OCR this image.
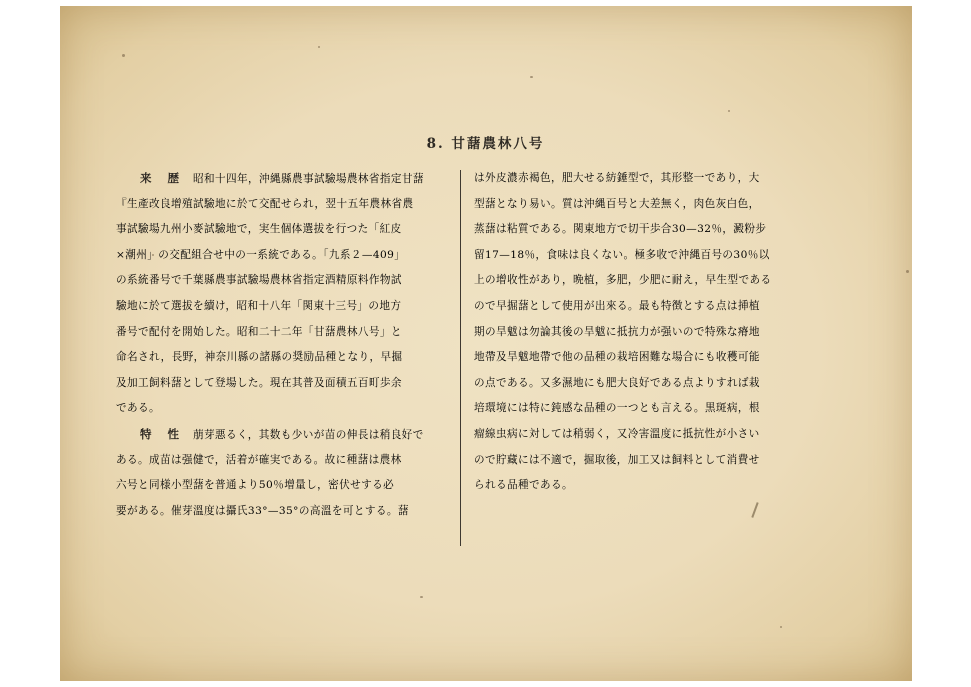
8. 甘藷農林八号
来 歴 昭和十四年，沖縄縣農事試驗場農林省指定甘藷
『生產改良增殖試驗地に於て交配せられ，翌十五年農林省農
事試驗場九州小麥試驗地で，実生個体選拔を行つた「紅皮
×潮州」の交配組合せ中の一系統である。「九系２—409」
の系統番号で千葉縣農事試驗場農林省指定酒精原料作物試
驗地に於て選拔を續け，昭和十八年「関東十三号」の地方
番号で配付を開始した。昭和二十二年「甘藷農林八号」と
命名され，長野，神奈川縣の諸縣の奨励品種となり，早掘
及加工飼料藷として登場した。現在其普及面積五百町歩余
である。
特 性 萠芽悪るく，其数も少いが苗の伸長は稍良好で
ある。成苗は强健で，活着が確実である。故に種藷は農林
六号と同様小型藷を普通より50％增量し，密伏せする必
要がある。催芽溫度は攝氏33°—35°の高溫を可とする。藷
は外皮濃赤褐色，肥大せる紡錘型で，其形整一であり，大
型藷となり易い。質は沖縄百号と大差無く，肉色灰白色，
蒸藷は粘質である。関東地方で切干歩合30—32％，澱粉步
留17—18％，食味は良くない。極多收で沖縄百号の30％以
上の增收性があり，晩植，多肥，少肥に耐え，早生型である
ので早掘藷として使用が出來る。最も特徴とする点は挿植
期の旱魃は勿論其後の旱魃に抵抗力が强いので特殊な瘠地
地帶及旱魃地帶で他の品種の栽培困難な場合にも收穫可能
の点である。又多濕地にも肥大良好である点よりすれば栽
培環境には特に鈍感な品種の一つとも言える。黒斑病，根
瘤線虫病に対しては稍弱く，又冷害溫度に抵抗性が小さい
ので貯藏には不適で，掘取後，加工又は飼料として消費せ
られる品種である。
